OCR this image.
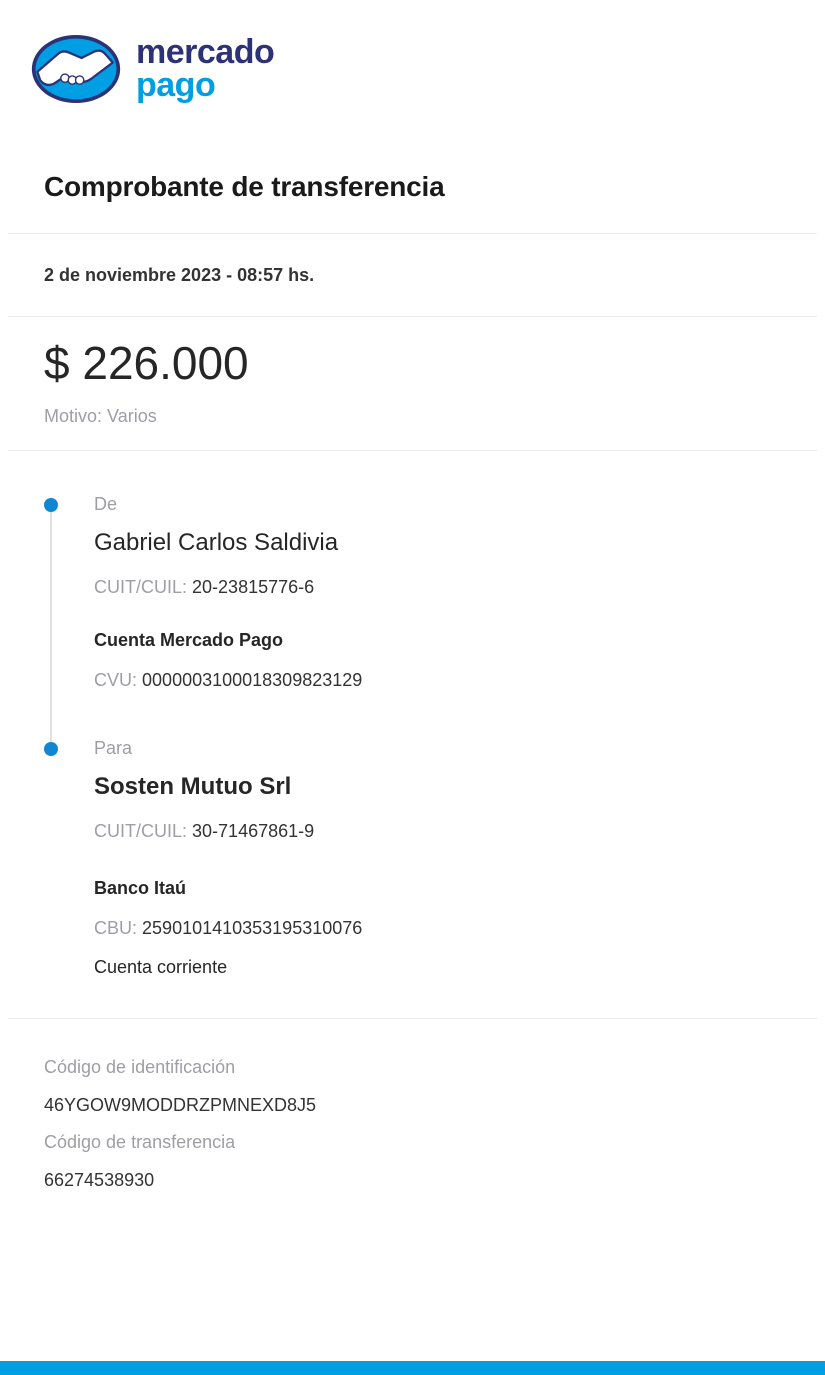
mercado
pago
Comprobante de transferencia
2 de noviembre 2023 - 08:57 hs.
$ 226.000
Motivo: Varios
De
Gabriel Carlos Saldivia
CUIT/CUIL: 20-23815776-6
Cuenta Mercado Pago
CVU: 0000003100018309823129
Para
Sosten Mutuo Srl
CUIT/CUIL: 30-71467861-9
Banco Itaú
CBU: 2590101410353195310076
Cuenta corriente
Código de identificación
46YGOW9MODDRZPMNEXD8J5
Código de transferencia
66274538930
